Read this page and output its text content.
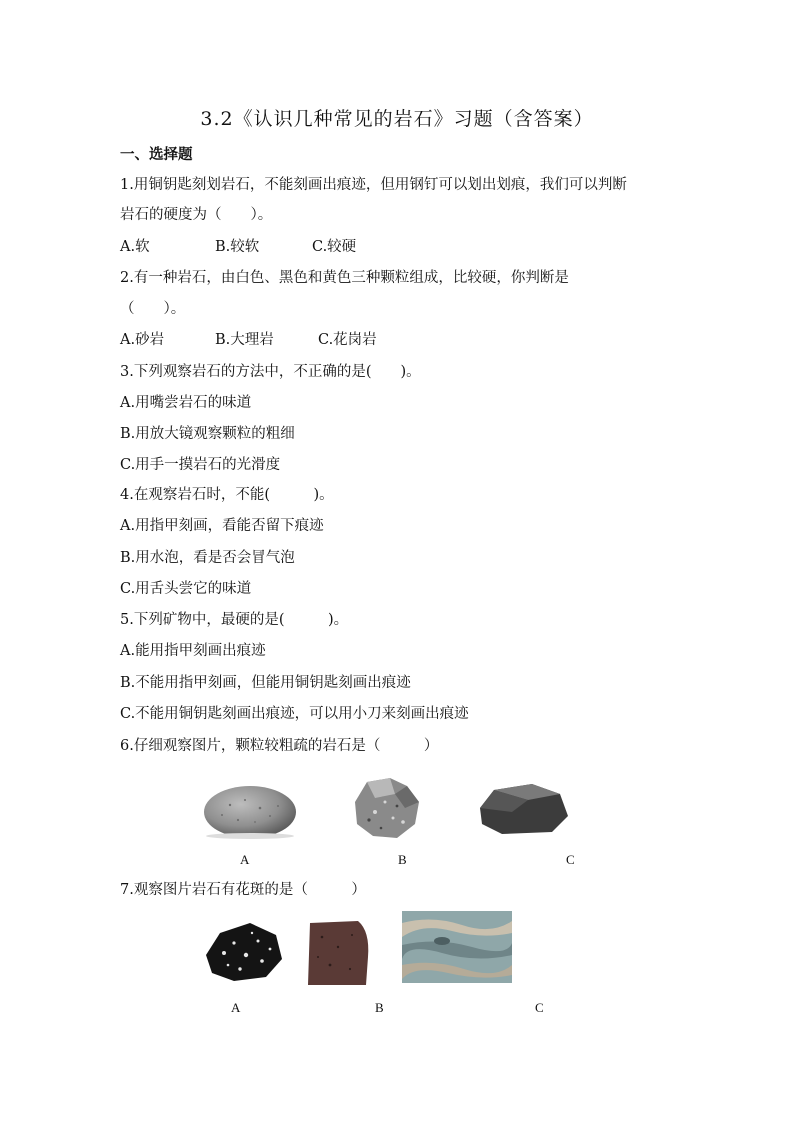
3.2《认识几种常见的岩石》习题（含答案）
一、选择题
1.用铜钥匙刻划岩石，不能刻画出痕迹，但用钢钉可以划出划痕，我们可以判断
岩石的硬度为（　　）。
A.软	B.较软	C.较硬
2.有一种岩石，由白色、黑色和黄色三种颗粒组成，比较硬，你判断是
（　　）。
A.砂岩	B.大理岩	C.花岗岩
3.下列观察岩石的方法中，不正确的是(　　)。
A.用嘴尝岩石的味道
B.用放大镜观察颗粒的粗细
C.用手一摸岩石的光滑度
4.在观察岩石时，不能(　　　)。
A.用指甲刻画，看能否留下痕迹
B.用水泡，看是否会冒气泡
C.用舌头尝它的味道
5.下列矿物中，最硬的是(　　　)。
A.能用指甲刻画出痕迹
B.不能用指甲刻画，但能用铜钥匙刻画出痕迹
C.不能用铜钥匙刻画出痕迹，可以用小刀来刻画出痕迹
6.仔细观察图片，颗粒较粗疏的岩石是（　　　）
A	B	C
7.观察图片岩石有花斑的是（　　　）
A	B	C
